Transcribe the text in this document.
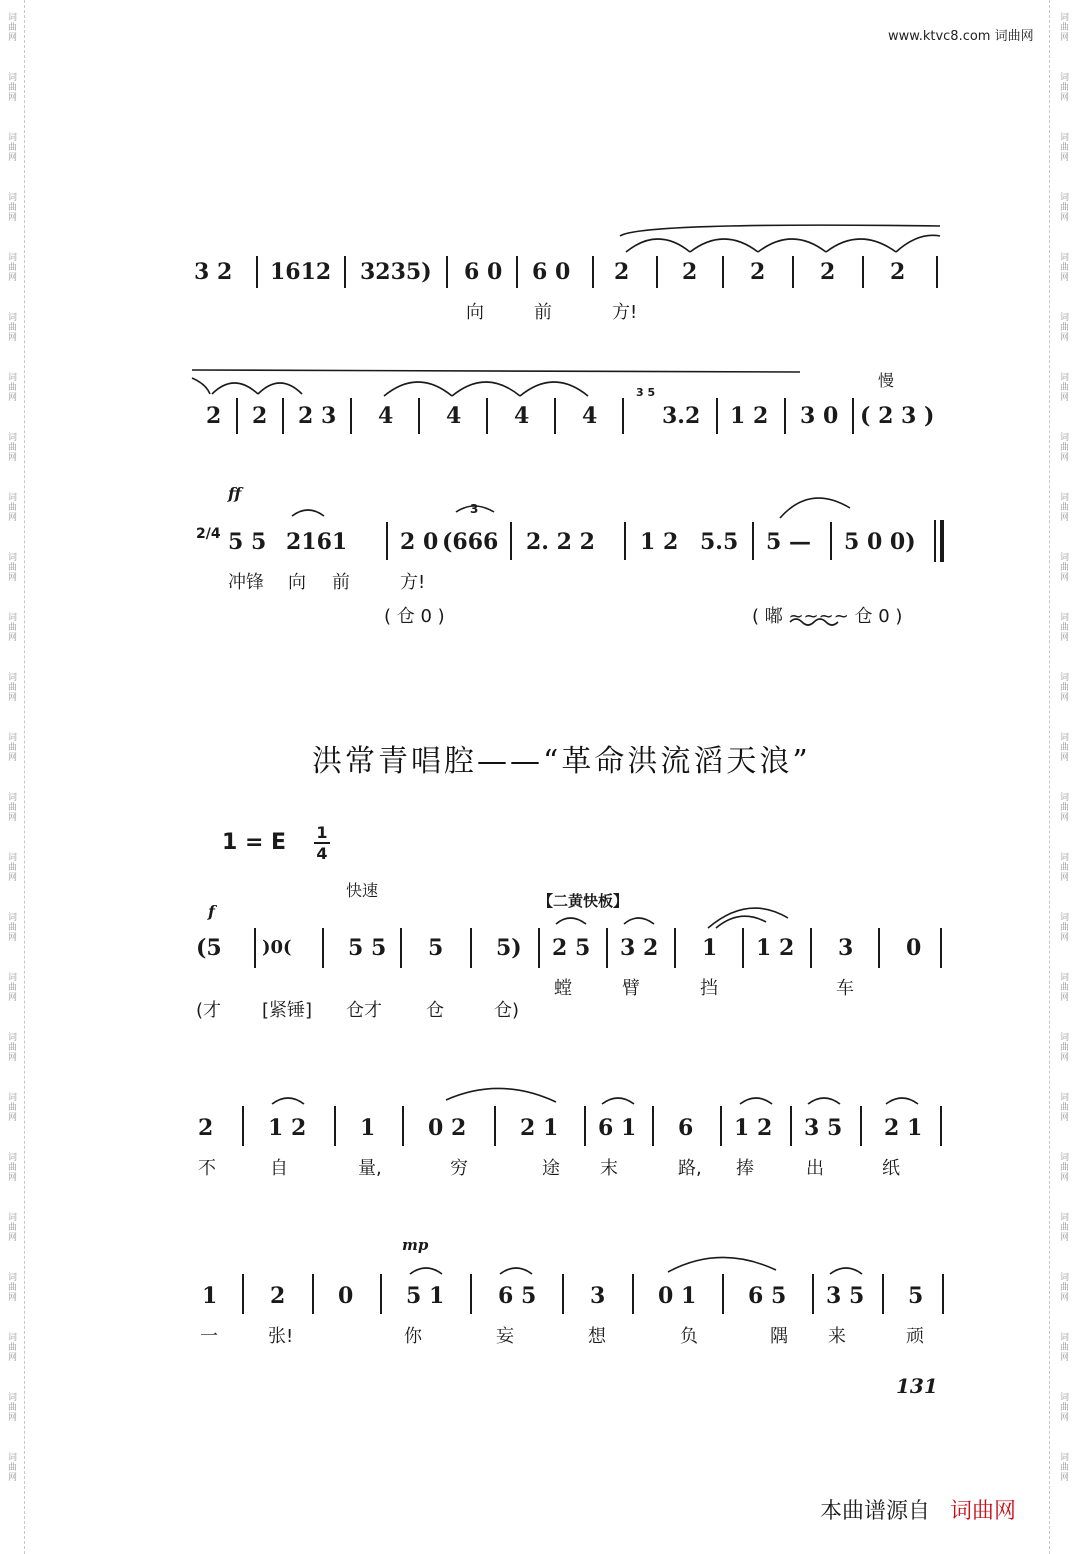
词曲网
词曲网
词曲网
词曲网
词曲网
词曲网
词曲网
词曲网
词曲网
词曲网
词曲网
词曲网
词曲网
词曲网
词曲网
词曲网
词曲网
词曲网
词曲网
词曲网
词曲网
词曲网
词曲网
词曲网
词曲网
词曲网
词曲网
词曲网
词曲网
词曲网
词曲网
词曲网
词曲网
词曲网
词曲网
词曲网
词曲网
词曲网
词曲网
词曲网
词曲网
词曲网
词曲网
词曲网
词曲网
词曲网
词曲网
词曲网
词曲网
词曲网
www.ktvc8.com 词曲网
3 2 1612 3235) 6 0 6 0 2 2 2 2 2
向	前	方!
2 2 2 3 4 4 4 4
3 5
3.2 1 2 3 0
慢
( 2 3 )
ff
2/4 5 5 2161 2 0
3
(666 2. 2 2 1 2 5.5 5 — 5 0 0)
冲锋 向 前	方!
( 仓 0 )	( 嘟 ~~~~ 仓 0 )
洪常青唱腔——“革命洪流滔天浪”
1 = E 1
4
快速
【二黄快板】
f
(5 )0(	5 5 5 5) 2 5 3 2 1 1 2 3 0
螳	臂	挡	车
(才 [紧锤] 仓才 仓	仓)
2 1 2 1 0 2 2 1 6 1 6 1 2 3 5 2 1
不	自	量,	穷	途 末	路, 捧	出	纸
mp
1 2 0 5 1 6 5 3 0 1 6 5 3 5 5
一	张!	你	妄	想	负	隅 来	顽
131
本曲谱源自 词曲网
